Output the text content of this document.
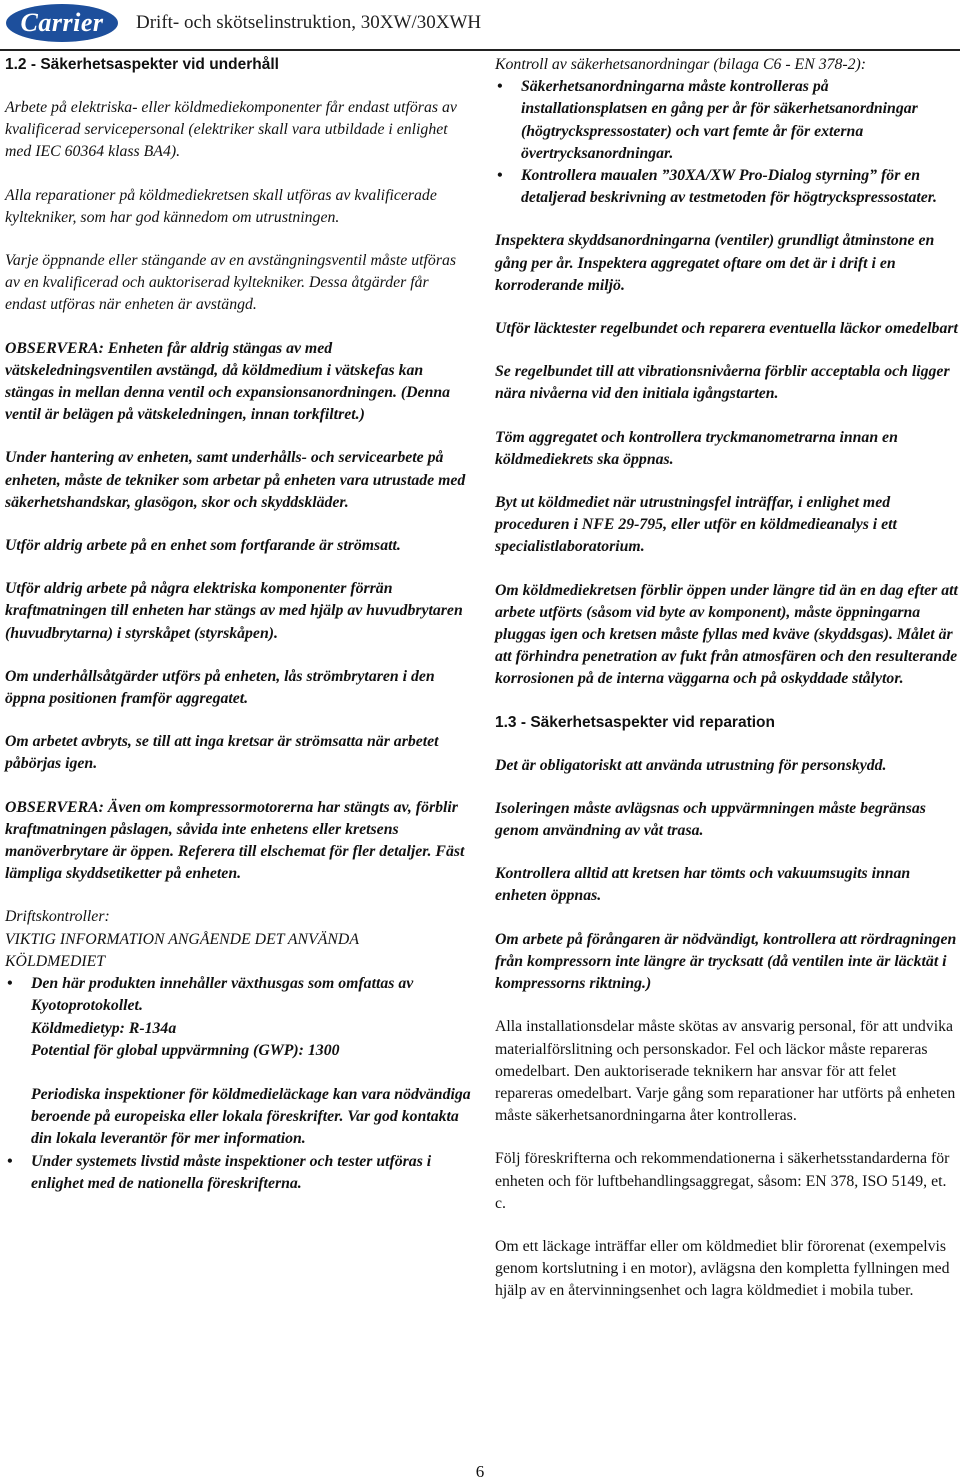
Carrier Drift- och skötselinstruktion, 30XW/30XWH
1.2 - Säkerhetsaspekter vid underhåll

Arbete på elektriska- eller köldmediekomponenter får endast utföras av kvalificerad servicepersonal (elektriker skall vara utbildade i enlighet med IEC 60364 klass BA4).

Alla reparationer på köldmediekretsen skall utföras av kvalificerade kyltekniker, som har god kännedom om utrustningen.

Varje öppnande eller stängande av en avstängningsventil måste utföras av en kvalificerad och auktoriserad kyltekniker. Dessa åtgärder får endast utföras när enheten är avstängd.

OBSERVERA: Enheten får aldrig stängas av med vätskeledningsventilen avstängd, då köldmedium i vätskefas kan stängas in mellan denna ventil och expansionsanordningen. (Denna ventil är belägen på vätskeledningen, innan torkfiltret.)

Under hantering av enheten, samt underhålls- och servicearbete på enheten, måste de tekniker som arbetar på enheten vara utrustade med säkerhetshandskar, glasögon, skor och skyddskläder.

Utför aldrig arbete på en enhet som fortfarande är strömsatt.

Utför aldrig arbete på några elektriska komponenter förrän kraftmatningen till enheten har stängs av med hjälp av huvudbrytaren (huvudbrytarna) i styrskåpet (styrskåpen).

Om underhållsåtgärder utförs på enheten, lås strömbrytaren i den öppna positionen framför aggregatet.

Om arbetet avbryts, se till att inga kretsar är strömsatta när arbetet påbörjas igen.

OBSERVERA: Även om kompressormotorerna har stängts av, förblir kraftmatningen påslagen, såvida inte enhetens eller kretsens manöverbrytare är öppen. Referera till elschemat för fler detaljer. Fäst lämpliga skyddsetiketter på enheten.

Driftskontroller:

VIKTIG INFORMATION ANGÅENDE DET ANVÄNDA

KÖLDMEDIET

• Den här produkten innehåller växthusgas som omfattas av Kyotoprotokollet.
Köldmedietyp: R-134a
Potential för global uppvärmning (GWP): 1300
Periodiska inspektioner för köldmedieläckage kan vara nödvändiga beroende på europeiska eller lokala föreskrifter. Var god kontakta din lokala leverantör för mer information.
• Under systemets livstid måste inspektioner och tester utföras i enlighet med de nationella föreskrifterna.

Kontroll av säkerhetsanordningar (bilaga C6 - EN 378-2):

• Säkerhetsanordningarna måste kontrolleras på installationsplatsen en gång per år för säkerhetsanordningar (högtryckspressostater) och vart femte år för externa övertrycksanordningar.
• Kontrollera maualen ”30XA/XW Pro-Dialog styrning” för en detaljerad beskrivning av testmetoden för högtryckspressostater.

Inspektera skyddsanordningarna (ventiler) grundligt åtminstone en gång per år. Inspektera aggregatet oftare om det är i drift i en korroderande miljö.

Utför läcktester regelbundet och reparera eventuella läckor omedelbart

Se regelbundet till att vibrationsnivåerna förblir acceptabla och ligger nära nivåerna vid den initiala igångstarten.

Töm aggregatet och kontrollera tryckmanometrarna innan en köldmediekrets ska öppnas.

Byt ut köldmediet när utrustningsfel inträffar, i enlighet med proceduren i NFE 29-795, eller utför en köldmedieanalys i ett specialistlaboratorium.

Om köldmediekretsen förblir öppen under längre tid än en dag efter att arbete utförts (såsom vid byte av komponent), måste öppningarna pluggas igen och kretsen måste fyllas med kväve (skyddsgas). Målet är att förhindra penetration av fukt från atmosfären och den resulterande korrosionen på de interna väggarna och på oskyddade stålytor.

1.3 - Säkerhetsaspekter vid reparation

Det är obligatoriskt att använda utrustning för personskydd.

Isoleringen måste avlägsnas och uppvärmningen måste begränsas genom användning av våt trasa.

Kontrollera alltid att kretsen har tömts och vakuumsugits innan enheten öppnas.

Om arbete på förångaren är nödvändigt, kontrollera att rördragningen från kompressorn inte längre är trycksatt (då ventilen inte är läcktät i kompressorns riktning.)

Alla installationsdelar måste skötas av ansvarig personal, för att undvika materialförslitning och personskador. Fel och läckor måste repareras omedelbart. Den auktoriserade teknikern har ansvar för att felet repareras omedelbart. Varje gång som reparationer har utförts på enheten måste säkerhetsanordningarna åter kontrolleras.

Följ föreskrifterna och rekommendationerna i säkerhetsstandarderna för enheten och för luftbehandlingsaggregat, såsom: EN 378, ISO 5149, et. c.

Om ett läckage inträffar eller om köldmediet blir förorenat (exempelvis genom kortslutning i en motor), avlägsna den kompletta fyllningen med hjälp av en återvinningsenhet och lagra köldmediet i mobila tuber.

6
